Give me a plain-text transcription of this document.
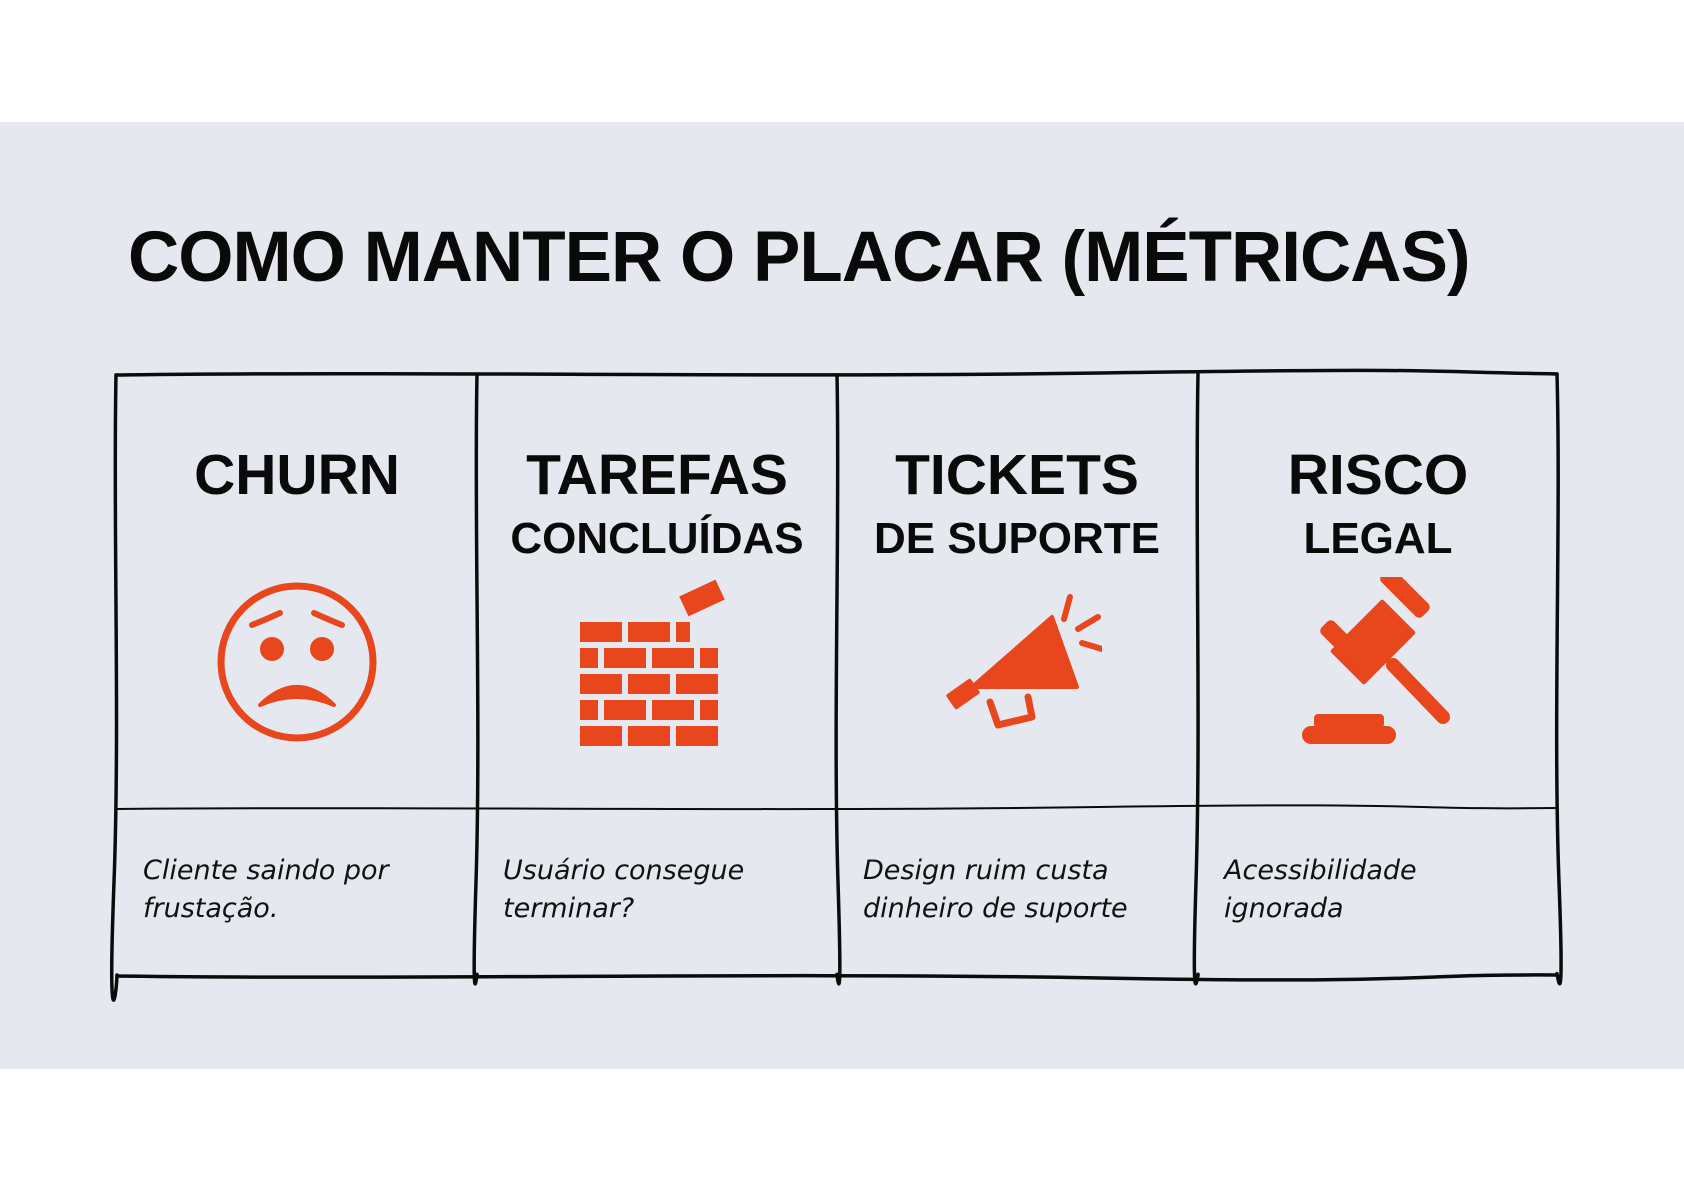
COMO MANTER O PLACAR (MÉTRICAS)
CHURN
Cliente saindo por frustação.
TAREFAS
CONCLUÍDAS
Usuário consegue terminar?
TICKETS
DE SUPORTE
Design ruim custa dinheiro de suporte
RISCO
LEGAL
Acessibilidade ignorada
